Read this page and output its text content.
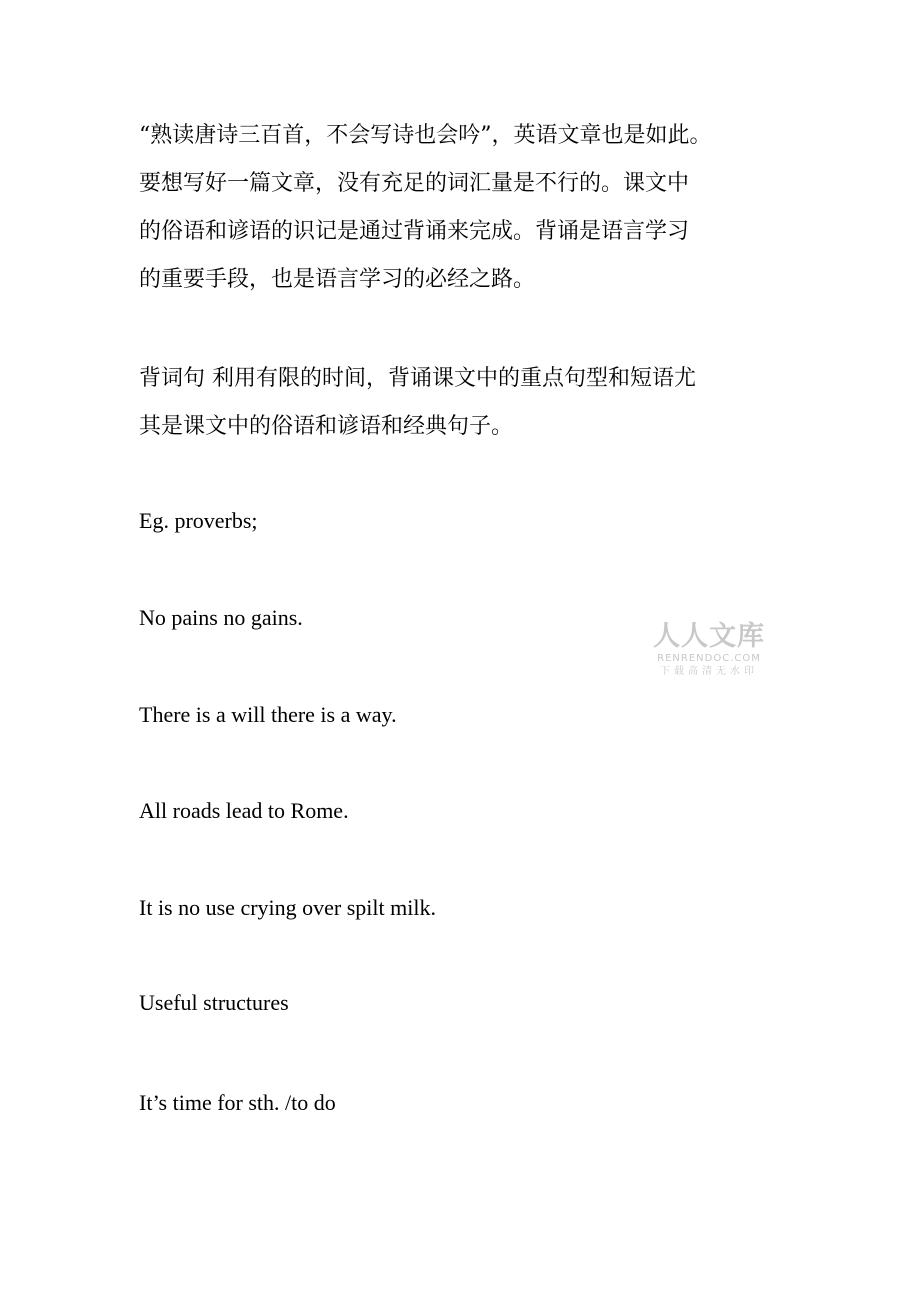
“熟读唐诗三百首，不会写诗也会吟”，英语文章也是如此。
要想写好一篇文章，没有充足的词汇量是不行的。课文中
的俗语和谚语的识记是通过背诵来完成。背诵是语言学习
的重要手段，也是语言学习的必经之路。
背词句 利用有限的时间，背诵课文中的重点句型和短语尤
其是课文中的俗语和谚语和经典句子。

Eg. proverbs;

No pains no gains.

There is a will there is a way.

All roads lead to Rome.

It is no use crying over spilt milk.

Useful structures

It’s time for sth. /to do

人人文库
RENRENDOC.COM
下载高清无水印
